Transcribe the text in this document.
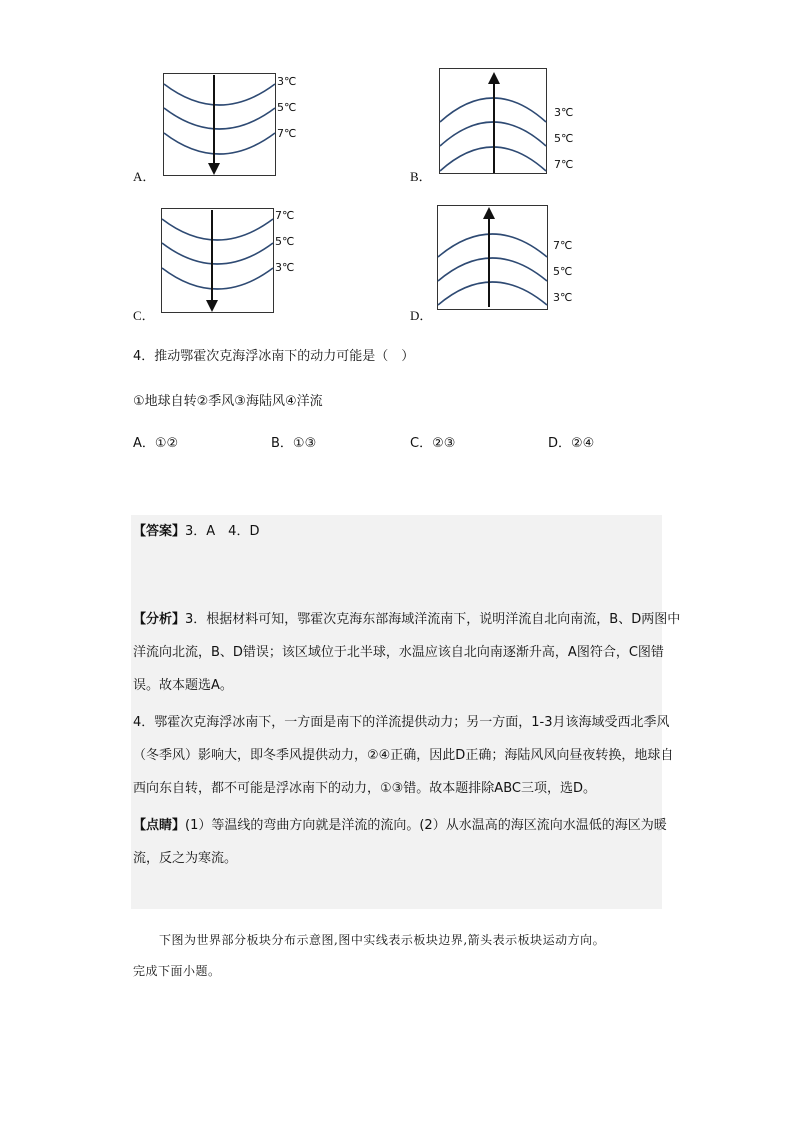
A．
3℃
5℃
7℃
B．
3℃
5℃
7℃
C．
7℃
5℃
3℃
D．
7℃
5℃
3℃
4．推动鄂霍次克海浮冰南下的动力可能是（　）
①地球自转②季风③海陆风④洋流
A．①②	B．①③	C．②③	D．②④
【答案】3．A　4．D

【分析】3．根据材料可知，鄂霍次克海东部海域洋流南下，说明洋流自北向南流，B、D两图中洋流向北流，B、D错误；该区域位于北半球，水温应该自北向南逐渐升高，A图符合，C图错误。故本题选A。

4．鄂霍次克海浮冰南下，一方面是南下的洋流提供动力；另一方面，1-3月该海域受西北季风（冬季风）影响大，即冬季风提供动力，②④正确，因此D正确；海陆风风向昼夜转换，地球自西向东自转，都不可能是浮冰南下的动力，①③错。故本题排除ABC三项，选D。

【点睛】(1）等温线的弯曲方向就是洋流的流向。(2）从水温高的海区流向水温低的海区为暖流，反之为寒流。

下图为世界部分板块分布示意图,图中实线表示板块边界,箭头表示板块运动方向。

完成下面小题。
